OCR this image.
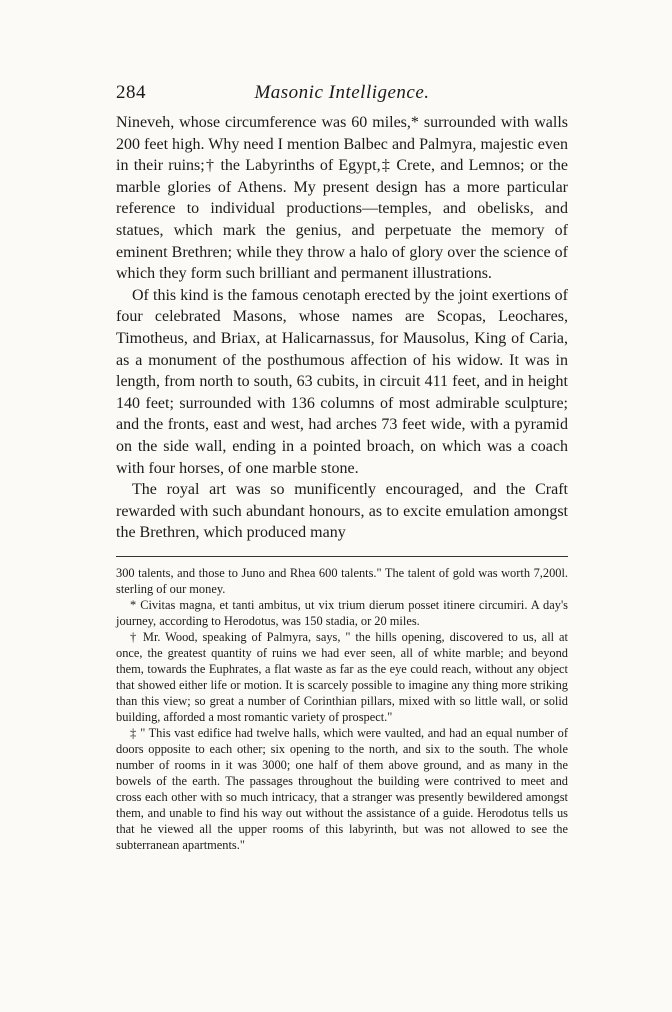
284	Masonic Intelligence.

Nineveh, whose circumference was 60 miles,* surrounded with walls 200 feet high. Why need I mention Balbec and Palmyra, majestic even in their ruins;† the Labyrinths of Egypt,‡ Crete, and Lemnos; or the marble glories of Athens. My present design has a more particular reference to individual productions—temples, and obelisks, and statues, which mark the genius, and perpetuate the memory of eminent Brethren; while they throw a halo of glory over the science of which they form such brilliant and permanent illustrations.

Of this kind is the famous cenotaph erected by the joint exertions of four celebrated Masons, whose names are Scopas, Leochares, Timotheus, and Briax, at Halicarnassus, for Mausolus, King of Caria, as a monument of the posthumous affection of his widow. It was in length, from north to south, 63 cubits, in circuit 411 feet, and in height 140 feet; surrounded with 136 columns of most admirable sculpture; and the fronts, east and west, had arches 73 feet wide, with a pyramid on the side wall, ending in a pointed broach, on which was a coach with four horses, of one marble stone.

The royal art was so munificently encouraged, and the Craft rewarded with such abundant honours, as to excite emulation amongst the Brethren, which produced many

300 talents, and those to Juno and Rhea 600 talents." The talent of gold was worth 7,200l. sterling of our money.

* Civitas magna, et tanti ambitus, ut vix trium dierum posset itinere circumiri. A day's journey, according to Herodotus, was 150 stadia, or 20 miles.

† Mr. Wood, speaking of Palmyra, says, " the hills opening, discovered to us, all at once, the greatest quantity of ruins we had ever seen, all of white marble; and beyond them, towards the Euphrates, a flat waste as far as the eye could reach, without any object that showed either life or motion. It is scarcely possible to imagine any thing more striking than this view; so great a number of Corinthian pillars, mixed with so little wall, or solid building, afforded a most romantic variety of prospect."

‡ " This vast edifice had twelve halls, which were vaulted, and had an equal number of doors opposite to each other; six opening to the north, and six to the south. The whole number of rooms in it was 3000; one half of them above ground, and as many in the bowels of the earth. The passages throughout the building were contrived to meet and cross each other with so much intricacy, that a stranger was presently bewildered amongst them, and unable to find his way out without the assistance of a guide. Herodotus tells us that he viewed all the upper rooms of this labyrinth, but was not allowed to see the subterranean apartments."
